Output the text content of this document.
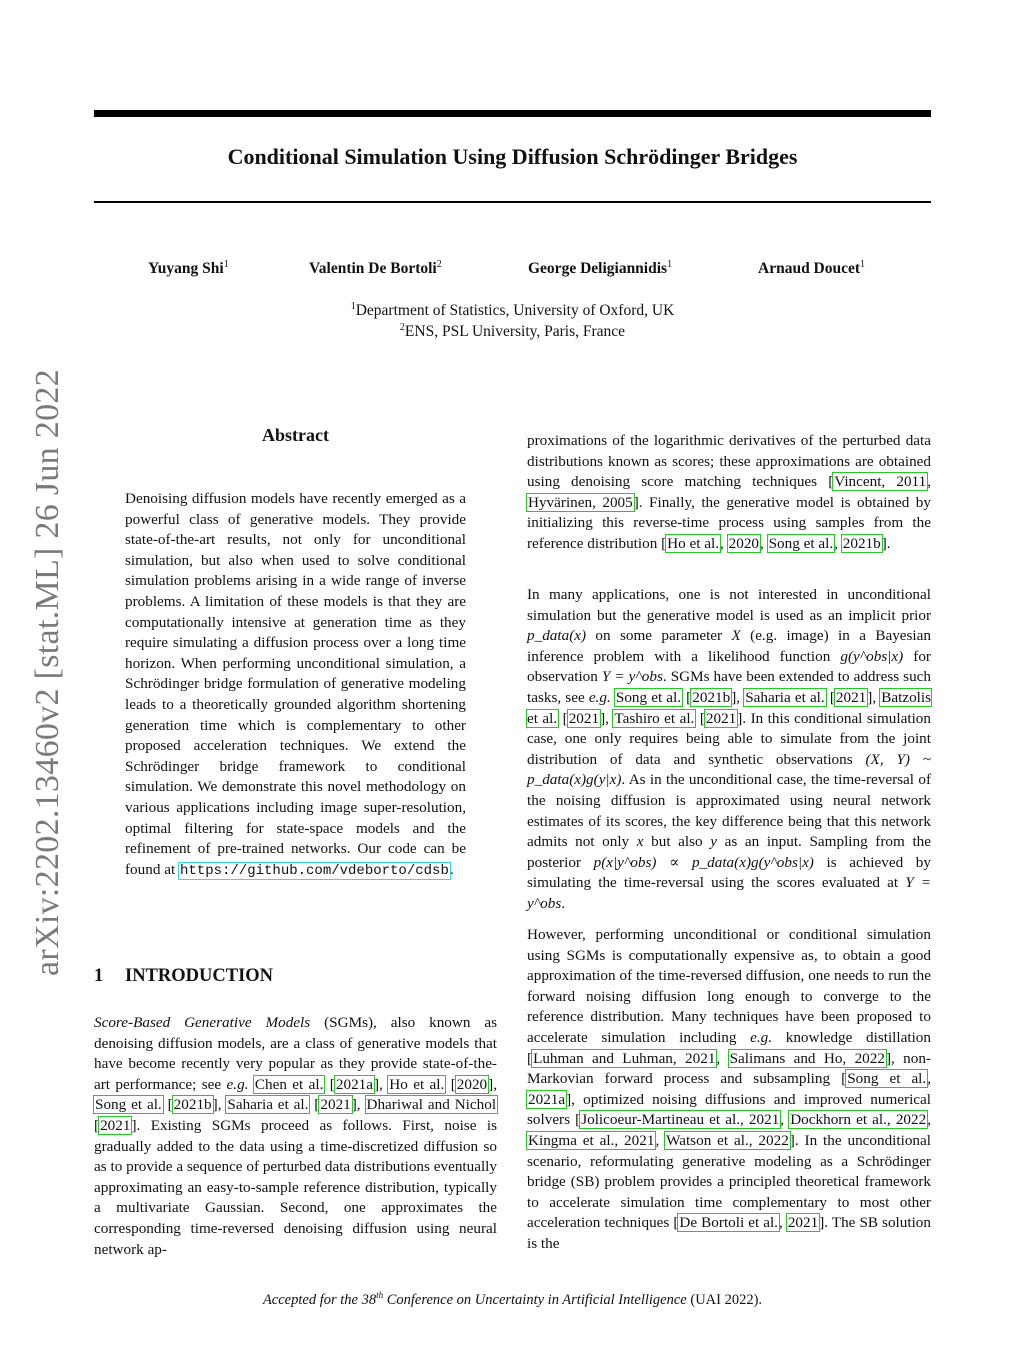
arXiv:2202.13460v2 [stat.ML] 26 Jun 2022
Conditional Simulation Using Diffusion Schrödinger Bridges
Yuyang Shi$^1$	Valentin De Bortoli$^2$	George Deligiannidis$^1$	Arnaud Doucet$^1$
$^1$Department of Statistics, University of Oxford, UK
$^2$ENS, PSL University, Paris, France
Abstract

Denoising diffusion models have recently emerged as a powerful class of generative models. They provide state-of-the-art results, not only for unconditional simulation, but also when used to solve conditional simulation problems arising in a wide range of inverse problems. A limitation of these models is that they are computationally intensive at generation time as they require simulating a diffusion process over a long time horizon. When performing unconditional simulation, a Schrödinger bridge formulation of generative modeling leads to a theoretically grounded algorithm shortening generation time which is complementary to other proposed acceleration techniques. We extend the Schrödinger bridge framework to conditional simulation. We demonstrate this novel methodology on various applications including image super-resolution, optimal filtering for state-space models and the refinement of pre-trained networks. Our code can be found at https://github.com/vdeborto/cdsb.

1 INTRODUCTION

Score-Based Generative Models (SGMs), also known as denoising diffusion models, are a class of generative models that have become recently very popular as they provide state-of-the-art performance; see e.g. Chen et al. [2021a], Ho et al. [2020], Song et al. [2021b], Saharia et al. [2021], Dhariwal and Nichol [2021]. Existing SGMs proceed as follows. First, noise is gradually added to the data using a time-discretized diffusion so as to provide a sequence of perturbed data distributions eventually approximating an easy-to-sample reference distribution, typically a multivariate Gaussian. Second, one approximates the corresponding time-reversed denoising diffusion using neural network ap-

proximations of the logarithmic derivatives of the perturbed data distributions known as scores; these approximations are obtained using denoising score matching techniques [Vincent, 2011, Hyvärinen, 2005]. Finally, the generative model is obtained by initializing this reverse-time process using samples from the reference distribution [Ho et al., 2020, Song et al., 2021b].

In many applications, one is not interested in unconditional simulation but the generative model is used as an implicit prior p_data(x) on some parameter X (e.g. image) in a Bayesian inference problem with a likelihood function g(y^obs|x) for observation Y = y^obs. SGMs have been extended to address such tasks, see e.g. Song et al. [2021b], Saharia et al. [2021], Batzolis et al. [2021], Tashiro et al. [2021]. In this conditional simulation case, one only requires being able to simulate from the joint distribution of data and synthetic observations (X, Y) ~ p_data(x)g(y|x). As in the unconditional case, the time-reversal of the noising diffusion is approximated using neural network estimates of its scores, the key difference being that this network admits not only x but also y as an input. Sampling from the posterior p(x|y^obs) ∝ p_data(x)g(y^obs|x) is achieved by simulating the time-reversal using the scores evaluated at Y = y^obs.

However, performing unconditional or conditional simulation using SGMs is computationally expensive as, to obtain a good approximation of the time-reversed diffusion, one needs to run the forward noising diffusion long enough to converge to the reference distribution. Many techniques have been proposed to accelerate simulation including e.g. knowledge distillation [Luhman and Luhman, 2021, Salimans and Ho, 2022], non-Markovian forward process and subsampling [Song et al., 2021a], optimized noising diffusions and improved numerical solvers [Jolicoeur-Martineau et al., 2021, Dockhorn et al., 2022, Kingma et al., 2021, Watson et al., 2022]. In the unconditional scenario, reformulating generative modeling as a Schrödinger bridge (SB) problem provides a principled theoretical framework to accelerate simulation time complementary to most other acceleration techniques [De Bortoli et al., 2021]. The SB solution is the

Accepted for the 38th Conference on Uncertainty in Artificial Intelligence (UAI 2022).
